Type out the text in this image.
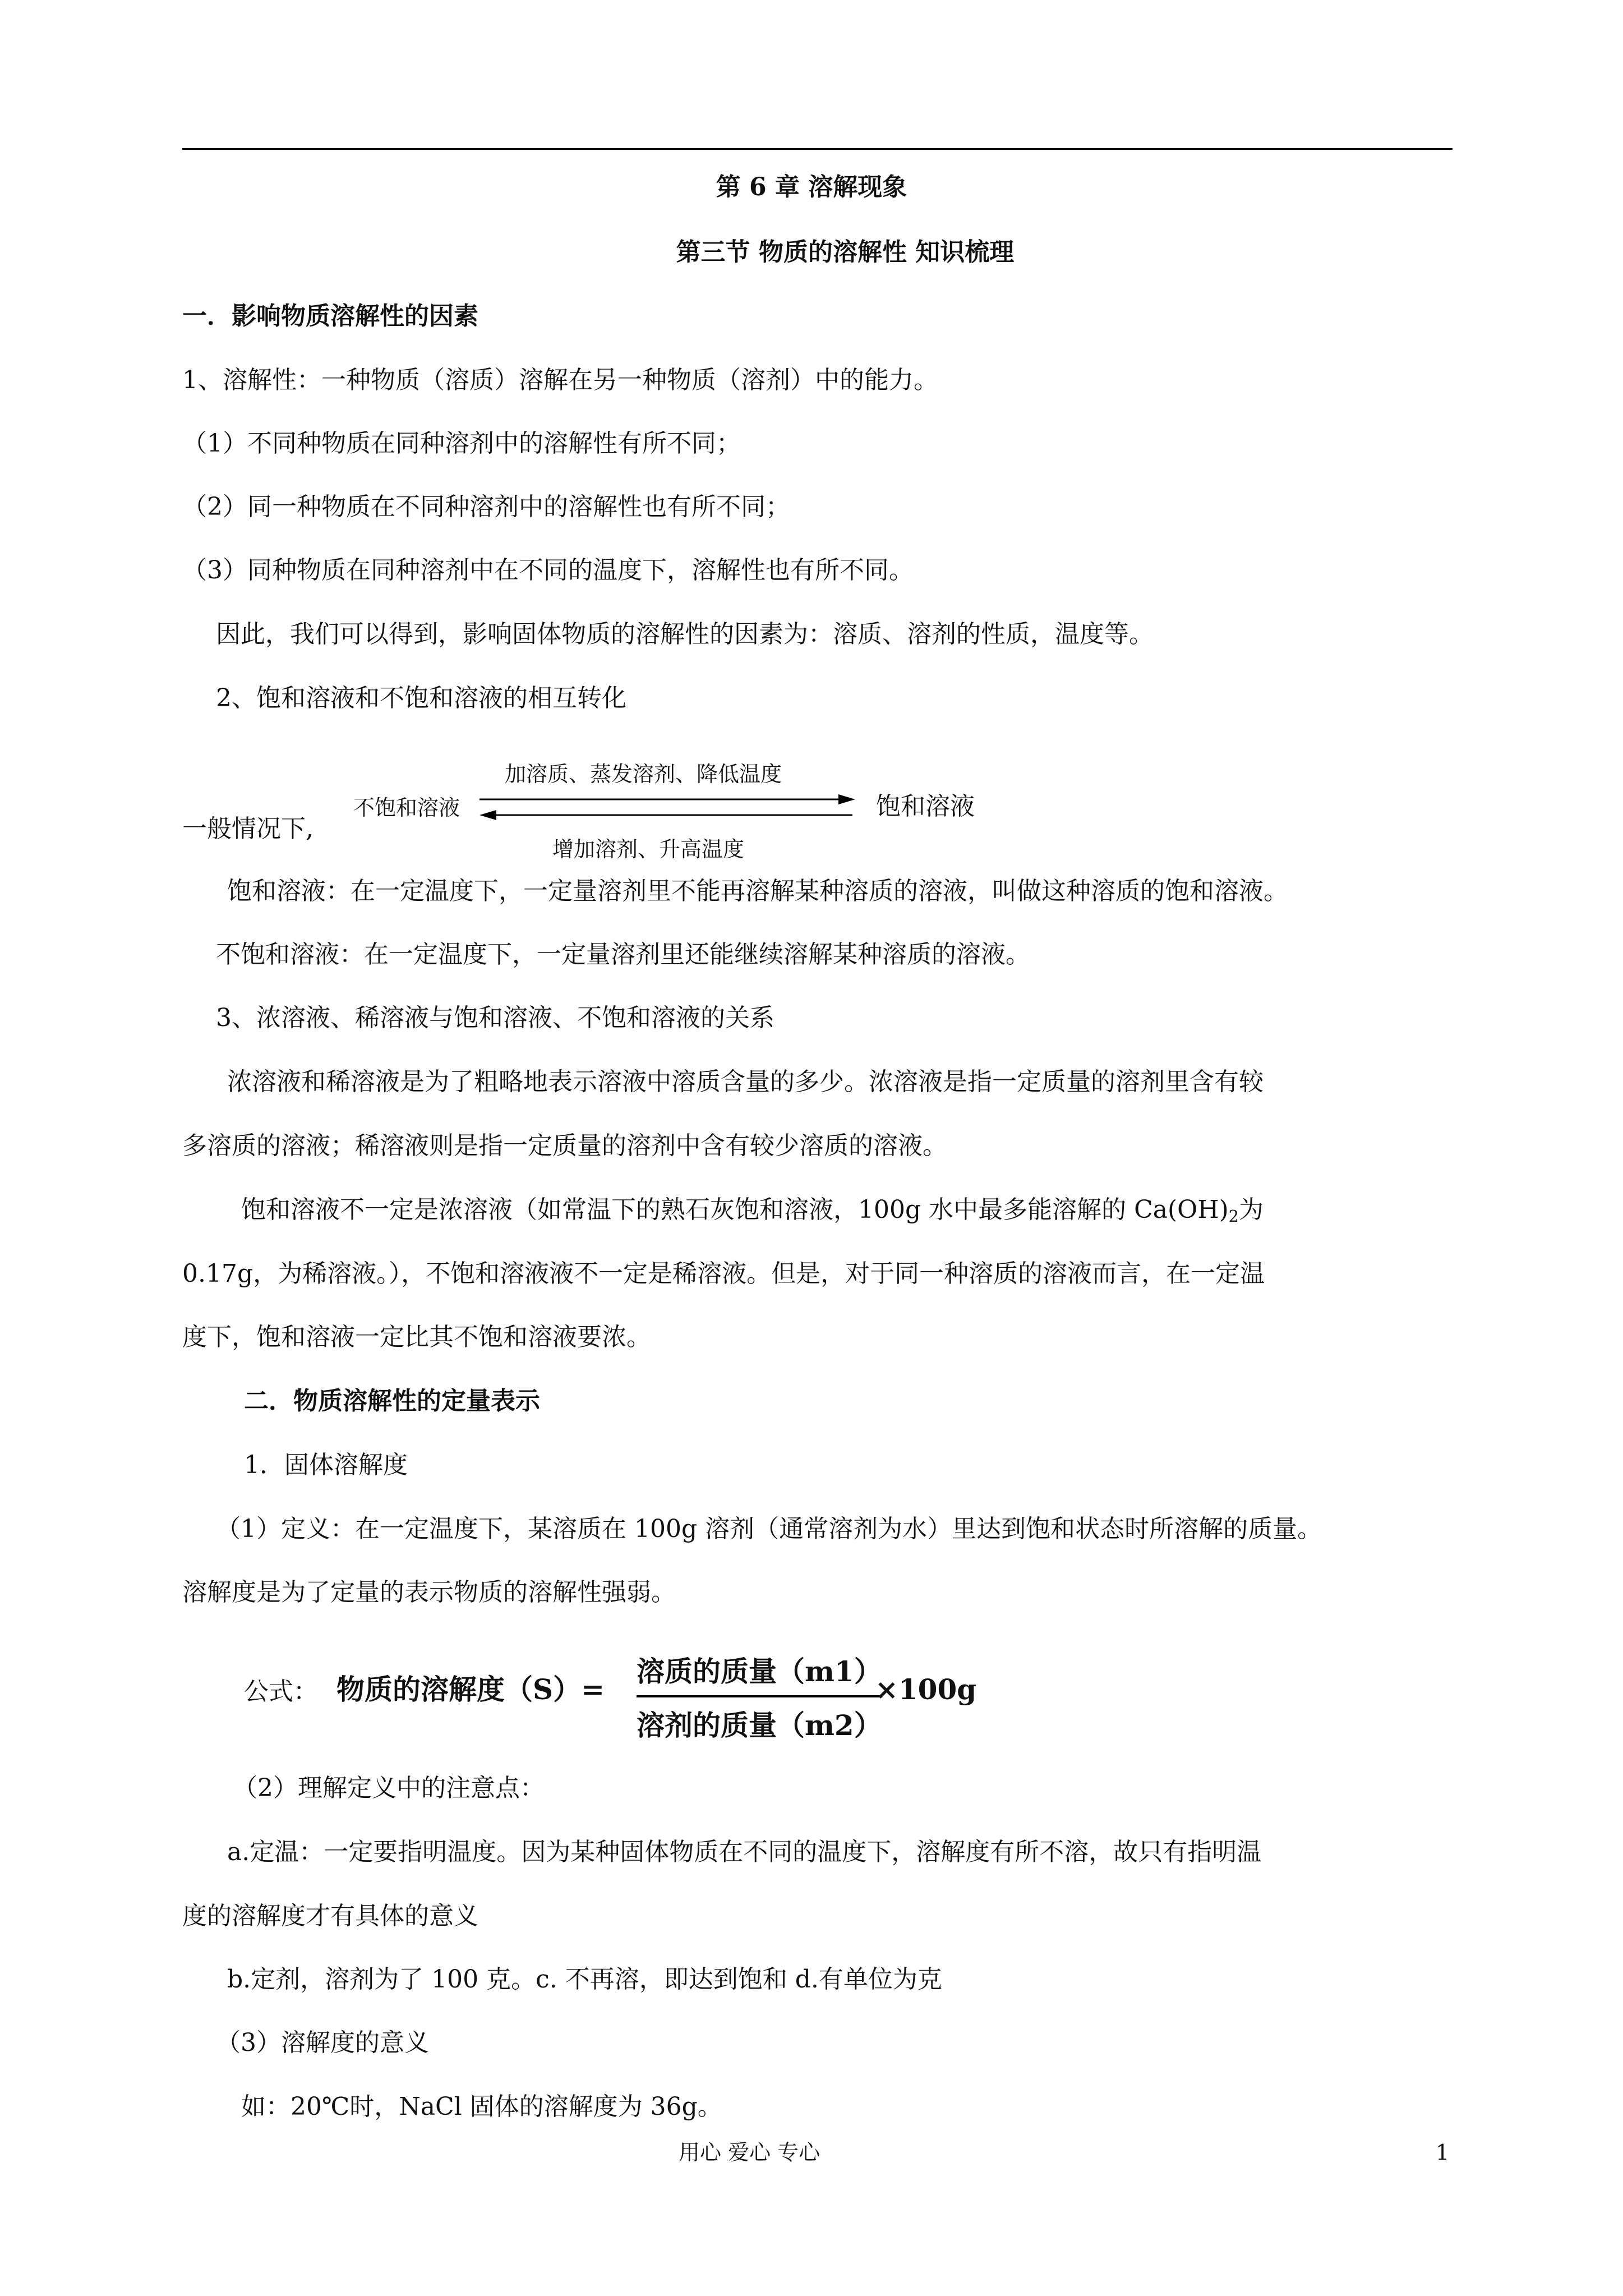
第 6 章 溶解现象
第三节 物质的溶解性 知识梳理
一．影响物质溶解性的因素
1、溶解性：一种物质（溶质）溶解在另一种物质（溶剂）中的能力。
（1）不同种物质在同种溶剂中的溶解性有所不同；
（2）同一种物质在不同种溶剂中的溶解性也有所不同；
（3）同种物质在同种溶剂中在不同的温度下，溶解性也有所不同。
因此，我们可以得到，影响固体物质的溶解性的因素为：溶质、溶剂的性质，温度等。
2、饱和溶液和不饱和溶液的相互转化
一般情况下,
不饱和溶液	饱和溶液
加溶质、蒸发溶剂、降低温度
增加溶剂、升高温度
饱和溶液：在一定温度下，一定量溶剂里不能再溶解某种溶质的溶液，叫做这种溶质的饱和溶液。
不饱和溶液：在一定温度下，一定量溶剂里还能继续溶解某种溶质的溶液。
3、浓溶液、稀溶液与饱和溶液、不饱和溶液的关系
浓溶液和稀溶液是为了粗略地表示溶液中溶质含量的多少。浓溶液是指一定质量的溶剂里含有较
多溶质的溶液；稀溶液则是指一定质量的溶剂中含有较少溶质的溶液。
饱和溶液不一定是浓溶液（如常温下的熟石灰饱和溶液，100g 水中最多能溶解的 $Ca(OH)_2$为
0.17g，为稀溶液。），不饱和溶液液不一定是稀溶液。但是，对于同一种溶质的溶液而言，在一定温
度下，饱和溶液一定比其不饱和溶液要浓。
二．物质溶解性的定量表示
1．固体溶解度
（1）定义：在一定温度下，某溶质在 100g 溶剂（通常溶剂为水）里达到饱和状态时所溶解的质量。
溶解度是为了定量的表示物质的溶解性强弱。
公式： 物质的溶解度（S）=
溶质的质量（m1）
溶剂的质量（m2）
×100g
（2）理解定义中的注意点：
a.定温：一定要指明温度。因为某种固体物质在不同的温度下，溶解度有所不溶，故只有指明温
度的溶解度才有具体的意义
b.定剂，溶剂为了 100 克。c. 不再溶，即达到饱和 d.有单位为克
（3）溶解度的意义
如：20℃时，NaCl 固体的溶解度为 36g。
用心 爱心 专心	1
